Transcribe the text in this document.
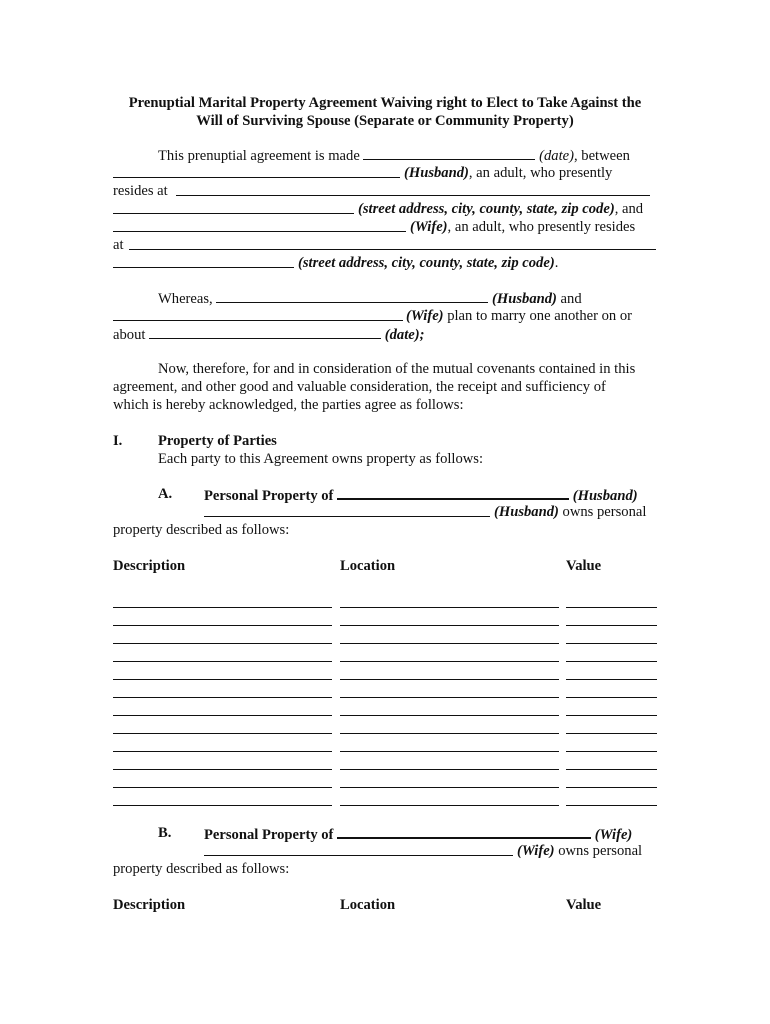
Prenuptial Marital Property Agreement Waiving right to Elect to Take Against the
Will of Surviving Spouse (Separate or Community Property)
This prenuptial agreement is made	(date), between
(Husband), an adult, who presently
resides at
(street address, city, county, state, zip code), and
(Wife), an adult, who presently resides
at
(street address, city, county, state, zip code).
Whereas,	(Husband) and
(Wife) plan to marry one another on or
about	(date);
Now, therefore, for and in consideration of the mutual covenants contained in this
agreement, and other good and valuable consideration, the receipt and sufficiency of
which is hereby acknowledged, the parties agree as follows:
I. Property of Parties
Each party to this Agreement owns property as follows:
A. Personal Property of	(Husband)
(Husband) owns personal
property described as follows:
Description	Location	Value
B. Personal Property of	(Wife)
(Wife) owns personal
property described as follows:
Description	Location	Value
